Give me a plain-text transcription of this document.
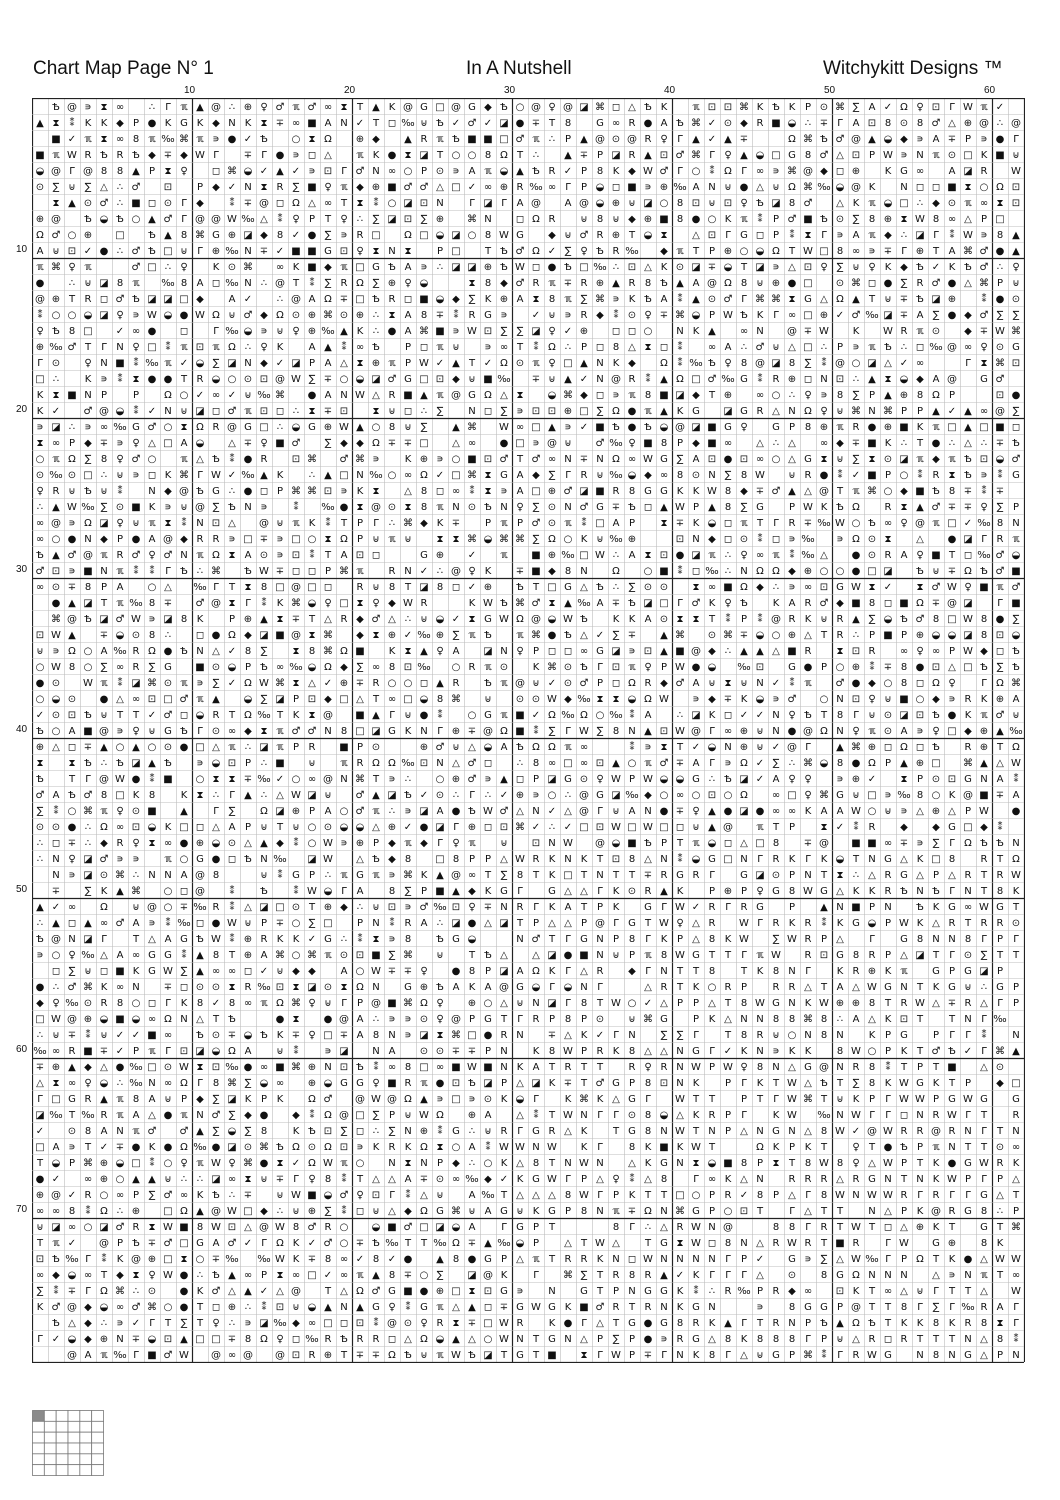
Chart Map Page N° 1	In A Nutshell	Witchykitt Designs ™
10	20	30	40	50	60
10
20
30
40
50
60
70
Ѣ @ ∍ ⧗ ∞ ∴ Γ ℼ ▲ @ ∴ ⊕ ♀ ♂ ℼ ♂ ∞ ⧗ T ▲ K @ G □ @ G ◆ Ѣ ○ @ ♀ @ ◪ ⌘ ◻ △ Ѣ K	ℼ ⊡ ⊡ ⌘ K Ѣ K P ⊙ ⌘ ∑ A ✓ Ω ♀ ⊡ Γ W ℼ ✓
▲ ⧗ ⁑ K K ◆ P ● K G K ◆ N K ⧗ ∓ ∞ ■ A N ✓ T ◻ ‰ ⊎ Ѣ ✓ ♂ ✓ ◪ ● ∓ T 8 G ∞ R ● A Ѣ ⌘ ✓ ⊙ ◆ R ■ ◒ ∴ ∓ Γ A ⊡ 8 ⊙ 8 ♂ △ ⊕ @ ∴ @
■ ✓ ℼ ⧗ ∞ 8 ℼ ‰ ⌘ ℼ ∍ ● ✓ Ѣ ○ ⧗ Ω ⊕ ◆ ▲ R ℼ Ѣ ■ ■ □ ♂ ℼ ∴ P ▲ @ ⊙ @ R ♀ Γ ▲ ✓ ▲ ∓	Ω ⌘ Ѣ ♂ @ ▲ ◒ ◆ ∍ A ∓ P ∍ ● Γ
■ ℼ W R Ѣ R Ѣ ◆ ∓ ◆ W Γ	∓ Γ ● ∍ ◻ △ ℼ K ● ⧗ ◪ T ○ ○ 8 Ω T ∴ ▲ ∓ P ◪ R ▲ ⊡ ♂ ⌘ Γ ♀ ▲ ◒ □ G 8 ♂ △ ⊡ P W ∍ N ℼ ⊙ □ K ■ ⊎
◒ @ Γ @ 8 8 ▲ P ⧗ ♀ ◻ ⌘ ◒ ✓ ▲ ✓ ∍ ⊡ Γ ♂ N ∞ ○ P ⊙ ∍ A ℼ ◒ ▲ Ѣ R ✓ P 8 K ◆ W ♂ Γ ○ ⁑ Ω Γ ∞ ∍ ⌘ @ ◆ ◻ ⊕ K G ∞ A ◪ R W
⊙ ∑ ⊎ ∑ △ ∴ ♂ ⊡ P ◆ ✓ N ⧗ R ∑ ■ ♀ ℼ ◆ ⊕ ■ ♂ ♂ △ □ ✓ ∞ ⊕ R ‰ ∞ Γ P ◒ ◻ ■ ∍ ⊕ ‰ A N ⊎ ● △ ⊎ Ω ⌘ ‰ ◒ @ K N ◻ ◻ ■ ⧗ ○ Ω ⊡
⧗ ▲ ⊙ ♂ ∴ ■ ◻ ⊙ Γ ◆	⁑ ∓ @ ◻ Ω △ ∞ T ⧗ ⁑ ○ ◪ ⊡ N	Γ ◪ Γ A @ A @ ◒ ⊕ ⊎ ◪ ○ 8 ⊡ ⊎ ⊡ ♀ Ѣ ◪ 8 ♂ △ K ℼ ◒ □ ∴ ◆ ⊙ ℼ ∞ ⧗ ⊡
⊕ @ Ѣ ◒ Ѣ ○ ▲ ♂ Γ @ @ W ‰ △ ⁑ ♀ P T ♀ ∴ ∑ ◪ ⊡ ∑ ⊕ ⌘ N ◻ Ω R ⊎ 8 ⊎ ◆ ⊕ ■ 8 ● ○ K ℼ ⁑ P ♂ ■ Ѣ ⊙ ∑ 8 ⊕ ⧗ W 8 ∞ △ P □
Ω ♂ ○ ⊕ □ Ѣ ▲ 8 ⌘ G ⊕ ◪ ◆ 8 ✓ ● ∑ ∍ R □ Ω □ ◒ ◪ ○ 8 W G ◆ ⊎ ♂ R ⊕ T ◒ ⧗ △ ⊡ Γ G ◻ P ⁑ ⧗ Γ ∍ A ℼ ◆ ∴ ◪ Γ ⁑ W ∍ 8 ▲
A ⊎ ⊡ ✓ ● ∴ ♂ Ѣ □ ⊎ Γ ⊕ ‰ N ∓ ✓ ■ ■ G ⊡ ♀ ⧗ N ⧗	P □ T Ѣ ♂ Ω ✓ ∑ ♀ Ѣ R ‰ ◆ ℼ T P ⊕ ○ ◒ Ω T W □ 8 ∞ ∍ ∓ Γ ⊕ T A ⌘ ♂ ● ▲
ℼ ⌘ ♀ ℼ	♂ □ ∴ ♀	K ⊙ ⌘ ∞ K ■ ◆ ℼ □ G Ѣ A ∍ ∴ ◪ ◪ ⊕ Ѣ W ◻ ● Ѣ □ ‰ ∴ ⊡ △ K ⊙ ◪ ∓ ◒ T ◪ ∍ △ ⊡ ♀ ∑ ⊎ ♀ K ◆ Ѣ ✓ K Ѣ ♂ ∴ ♀
● ∴ ⊎ ◪ 8 ℼ ‰ 8 A ◻ ‰ N ∴ @ T ⁑ ∑ R Ω ∑ ⊕ ♀ ◒	⧗ 8 ◆ ♂ R ℼ ∓ R ⊕ ▲ R 8 Ѣ ▲ A @ Ω 8 ⊎ ⊕ ● □ ⊙ ⌘ ◻ ● ∑ R ♂ ● △ ⌘ P ⊎
@ ⊕ T R ◻ ♂ Ѣ ◪ ◪ □ ◆ A ✓ ∴ @ A Ω ∓ □ Ѣ R ◻ ■ ◒ ◆ ∑ K ⊕ A ⧗ 8 ℼ ∑ ⌘ ∍ K Ѣ A ⁑ ▲ ⊙ ♂ Γ ⌘ ⌘ ⧗ G △ Ω ▲ T ⊎ ∓ Ѣ ◪ ⊕	⁑ ● ⊙
⁑ ○ ○ ◒ ◪ ♀ ∍ W ◒ ● W Ω ⊎ ♂ ◆ Ω ⊙ ⊕ ⌘ ⊙ ⊕ ∴ ⧗ A 8 ∓ ⁑ R G ∍ ✓ ⊎ ∍ R ◆ ⁑ ⊙ ♀ ∓ ⌘ ◒ P W Ѣ K Γ ∞ □ ⊕ ✓ ♂ ‰ ◪ ∓ A ∑ ● ◆ ♂ ∑ ∑
♀ Ѣ 8 □ ✓ ∞ ● ◻	Γ ‰ ◒ ∍ ⊎ ♀ ⊕ ‰ ▲ K ∴ ● A ⌘ ■ ∍ W ⊡ ∑ ∑ ◪ ♀ ✓ ⊕ ◻ ◻ ○ N K ▲ ∞ N @ ∓ W K W R ℼ ⊙ ◆ ∓ W ⌘
⊕ ‰ ♂ T Γ N ♀ □ ⁑ ℼ ⊡ ℼ Ω ∴ ♀ K	A ▲ ⁑ ∞ Ѣ	P ◻ ℼ ⊎ ∍ ∞ T ⁑ Ω ∴ P ◻ 8 △ ⧗ ◻ ⁑	∞ A ∴ ♂ ⊎ △ □ ∴ P ∍ ℼ Ѣ ∴ ◻ ‰ @ ∞ ♀ ⊙ G
Γ ⊙ ♀ N ■ ⁑ ‰ ℼ ✓ ◒ ∑ ◪ N ◆ ✓ ◪ P A △ ⧗ ⊕ ℼ P W ✓ ▲ T ✓ Ω ⊙ ℼ ♀ □ ▲ N K ◆ Ω ⁑ ‰ Ѣ ♀ 8 @ ◪ 8 ∑ ⁑ @ ○ ◪ △ ✓ ∞	Γ ⧗ ⌘ ⊡
□ ∴	K ∍ ⁑ ⧗ ● ● T R ◒ ○ ⊙ ⊡ @ W ∑ ∓ ○ ◒ ◪ ♂ G □ ⊡ ◆ ⊎ ■ ‰ ∓ ⊎ ▲ ✓ N @ R ⁑ ▲ Ω □ ♂ ‰ G ⁑ R ⊕ ◻ N ⊡ ∴ ▲ ⧗ ◒ ◆ A @ G ♂
K ⧗ ■ N P	P	Ω ○ ✓ ∞ ✓ ⊎ ‰ ⌘ ● A N W △ R ■ ▲ ℼ @ G Ω △ ⧗ ◒ ⌘ ◆ ◻ ∍ ℼ 8 ■ ◪ ◆ T ⊕ ∞ ○ ∴ ♀ ∍ 8 ∑ P ▲ ⊕ 8 Ω P	⊡ ●
K ✓ ♂ @ ◒ ⁑ ✓ N ⊎ ◪ ◻ ♂ ℼ ⊡ ◻ ∴ ⧗ ∓ ⊡ ⧗ ⊎ ◻ ∴ ∑ N ◻ ∑ ∍ ⊡ ⊡ ⊕ □ ∑ Ω ● ℼ ▲ K G ◪ G R △ N Ω ♀ ⊎ ⌘ N ⌘ P P ▲ ✓ ▲ ∞ @ ∑
∍ ◪ ∴ ∍ ∞ ‰ G ♂ ○ ⧗ Ω R @ G □ ∴ ◒ G ⊕ W ▲ ○ 8 ⊎ ∑ ▲ ⌘ W ∞ □ ▲ ∍ ✓ ■ Ѣ ● Ѣ ◒ @ ◪ ■ G ♀ G P 8 ⊕ ℼ R ● ⊕ ■ K ℼ □ ▲ □ ■ ◻
⧗ ∞ P ◆ ∓ ∍ ♀ △ □ A ◒ △ ∓ ♀ ■ ♂ ∑ ◆ ◆ Ω ∓ ∓ □ △ ∞ ● □ ∍ @ ⊎ ♂ ‰ ♀ ■ 8 P ◆ ■ ∞ △ ∴ △ ∞ ◆ ∓ ■ K ∴ T ● ∴ △ ∴ ∓ Ѣ
○ ℼ Ω ∑ 8 ♀ ♂ ○ ℼ △ Ѣ ⁑ ● R ⊡ ⌘ ♂ ⌘ ∍	K ⊕ ∍ ○ ■ ⊡ ♂ T ♂ ∞ N ∓ N Ω ∞ W G ∑ A ⊡ ● ⊡ ∞ ○ △ G ⧗ ⊎ ∑ ⧗ ⊙ ◪ ℼ ◆ ℼ Ѣ ⊡ ◒ ♂
⊙ ‰ ⊙ □ ∴ ⊎ ∍ ◻ K ⌘ Γ W ✓ ‰ ▲ K	∴ ▲ □ N ‰ ○ ∞ Ω ✓ □ ⌘ ⧗ G A ◆ ∑ Γ R ⊎ ‰ ◒ ◆ ∞ 8 ⊙ N ∑ 8 W ⊎ R ● ⁑ ✓ ■ P ○ ⁑ R ⧗ Ѣ ∍ ⁑ G
♀ R ⊎ Ѣ ⊎ ⁑	N ◆ @ Ѣ G ∴ ● ◻ P ⌘ ⌘ ⊡ ∍ K ⧗ △ 8 ◻ ∞ ⁑ ⧗ ∍ A □ ⊕ ♂ ◪ ■ R 8 G G K K W 8 ◆ ∓ ♂ ▲ △ @ T ℼ ⌘ ○ ◆ ■ Ѣ 8 ∓ ⁑ ∓
∴ ▲ W ‰ ∑ ⊙ ■ K ∍ ⊎ @ ∑ Ѣ N ∍	⁑ ‰ ● ⧗ @ ⊙ ⧗ 8 ℼ N ⊙ Ѣ N ♀ ∑ ⊙ N ♂ G ∓ Ѣ ◻ ▲ W P ▲ 8 ∑ G	P W K Ѣ Ω R ⧗ ▲ ♂ ∓ ∓ ♀ ∑ P
∞ @ ∍ Ω ◪ ♀ ⊎ ℼ ⧗ ⁑ N ⊡ △ @ ⊎ ℼ K ⁑ T P Γ ∴ ⌘ ◆ K ∓ P ℼ P ♂ ⊙ ℼ ⁑ □ A P	⧗ ∓ K ◒ ◻ ℼ T Γ R ∓ ‰ W ○ Ѣ ∞ ♀ @ ℼ □ ✓ ‰ 8 N
∞ ○ ● N ◆ P ● A @ ◆ R R ∍ □ ∓ ∍ □ ○ ⧗ Ω P ⊎ ℼ ⊎ ⧗ ⧗ ⌘ ◒ ⌘ ⌘ ∑ Ω ○ K ⊎ ‰ ⊕	⊡ N ◆ ◻ ⊙ ⁑ ◻ ∍ ‰ ∍ Ω ⊙ ⧗ △ ● ◪ Γ R ℼ
Ѣ ▲ ♂ @ ℼ R ♂ ♀ ♂ N ℼ Ω ⧗ A ⊙ ∍ ⊡ ⁑ T A ⊡ ◻	G ⊕ ✓ ℼ ■ ⊕ ‰ □ W ∴ A ⧗ ⊡ ● ◪ ℼ ∴ ♀ ∞ ℼ ⁑ ‰ △ ● ⊙ R A ♀ ■ T ◻ ‰ ♂ ◒
♂ ⊡ ∍ ■ N ℼ ⁑ ⁑ Γ Ѣ ∴ ⌘ Ѣ W ∓ ◻ ◻ P ⌘ ℼ	R N ✓ ∴ @ ♀ K ∓ ■ ◆ 8 N Ω ○ ■ ⁑ ◻ ‰ ∴ N Ω Ω ◆ ⊕ ○ ○ ● □ ◪ Ѣ ⊎ ∓ Ω Ѣ ♂ ■
∞ ⊙ ∓ 8 P A ○ △ ‰ Γ T ⧗ 8 □ @ □ ◻ R ⊎ 8 T ◪ 8 ◻ ✓ ⊕ Ѣ T □ G △ Ѣ ∴ ∑ ⊙ ⊙ ⧗ ∞ ■ Ω ◆ ∴ ∍ ∞ ⊡ G W ⧗ ✓ ⧗ ♂ W ♀ ■ ℼ ♂
● ▲ ◪ T ℼ ‰ 8 ∓ ♂ @ ⧗ Γ ⁑ K ⌘ ◒ ♀ □ ⧗ ♀ ◆ W R	K W Ѣ ⌘ ♂ ⧗ ▲ ‰ A ∓ Ѣ ◪ □ Γ ♂ K ♀ Ѣ K A R ♂ ◆ ■ 8 ◻ ■ Ω ∓ @ ◪ Γ ■
⌘ @ Ѣ ◪ ♂ W ∍ ◪ 8 K	P ⊕ ▲ ⧗ ∓ T △ R ◆ ♂ △ ∴ ⊎ ◒ ✓ ⧗ G W Ω @ ◒ W Ѣ K K A ⊙ ⧗ ⧗ T ⁑ P ⁑ @ R K ⊎ R ▲ ∑ ◒ Ѣ ♂ 8 □ W 8 ● ∑
⊡ W ▲ ∓ ◒ ⊙ 8 ∴ ◻ ● Ω ◆ ◪ ■ @ ⧗ ⌘ ◆ ⧗ ⊕ ✓ ‰ ⊕ ∑ ℼ Ѣ ℼ ⌘ ● Ѣ △ ✓ ∑ ∓ ▲ ⌘ ⊙ ⌘ ∓ ◒ ○ ⊕ △ T R ∴ P ■ P ⊕ ◒ ◒ ◪ 8 ⊡ ◒
⊎ ∍ Ω ○ A ‰ R Ω ● Ѣ N △ ✓ 8 ∑	⧗ 8 ⌘ Ω ■ K ⧗ ▲ ♀ A ◪ N ♀ P ◻ ◻ ∞ G ◪ ∍ ⊡ ▲ ■ @ ◆ ∴ ▲ ▲ △ ■ R	⧗ ⊡ R ∞ ♀ ∞ P W ◆ ◻ Ѣ
○ W 8 ○ ∑ ∞ R ∑ G ■ ⊙ ◒ P Ѣ ∞ ‰ ◒ Ω ◆ ∑ ∞ 8 ⊡ ‰ ○ R ℼ ⊙ K ⌘ ⊙ Ѣ Γ ⊡ ℼ ♀ P W ● ◒ ‰ ⊡ G ● P ○ ⊕ ⁑ ∓ 8 ● ⊡ △ □ Ѣ ∑ Ѣ
● ⊙ W ℼ ⁑ ◪ ⌘ ⊙ ℼ ∍ ∑ ✓ Ω W ⌘ ⧗ △ ✓ ⊕ ∓ R ○ ○ ◻ ▲ R Ѣ ℼ @ ⊎ ✓ ⊙ ♂ P ◻ Ω R ◆ ♂ A ⊎ ⧗ ⊎ N ✓ ⁑ ℼ ♂ ● ◆ ○ 8 ◻ Ω ♀	Γ Ω ⌘
○ ◒ ⊙ ● △ ∞ ⊡ □ ♂ ℼ ▲ ◒ ∑ ◪ P ⊡ ◆ □ △ T ∞ □ ◒ 8 ⌘ ⊎ ⊙ ⊙ W ◆ ‰ ⧗ ⧗ ◒ Ω W ∍ ◆ ∓ K ◒ ∍ ♂ ○ N ⊡ ♀ ⊎ ■ ○ ◆ ∍ R K ⊕ A
✓ ⊙ ⊡ Ѣ ⊎ T T ✓ ♂ ◻ ◒ R T Ω ‰ T K ⧗ @ ■ ▲ Γ ⊎ ● ⁑	○ G ℼ ■ ✓ Ω ‰ Ω ○ ‰ ⁑ A	∴ ◪ K ◻ ✓ ✓ N ♀ Ѣ T 8 Γ ⊎ ⊙ ◪ ⊡ Ѣ ● K ℼ ♂ ⊎
Ѣ ○ A ■ @ ∍ ♀ ⊎ G Ѣ Γ ⊙ ∞ ◆ ⧗ ℼ ♂ ♂ N 8 □ ◪ G K N Γ ⊕ ∓ @ Ω ■ ⁑ ∑ Γ W ∑ 8 N ▲ ⊡ W @ Γ ∞ ⊕ ⊎ N ● @ Ω N ♀ ℼ ⊙ A ∍ ♀ □ ◆ ⊕ ▲ ‰
⊕ △ ◻ ∓ ▲ ○ ▲ ○ ⊙ ● □ △ ℼ ∴ ◪ ℼ P R ■ P ⊙	⊕ ♂ ⊎ △ ◒ A Ѣ Ω Ω ℼ ∞	⁑ ∍ ⧗ T ✓ ◒ N ⊕ ⊎ ✓ @ Γ	▲ ⌘ ⊕ ◻ Ω ◻ Ѣ R ⊕ T Ω
⧗ ⧗ Ѣ ∴ Ѣ ◪ ▲ Ѣ ∍ ◒ ⊡ P ∴ ■ ⊎ ℼ R Ω Ω ‰ ⊡ N △ ♂ ◻ ∴ 8 ∞ □ ∞ ⊡ ▲ ○ ℼ ♂ ∓ A Γ ∍ Ω ✓ ∑ ∴ ⌘ ◒ 8 ● Ω P ▲ ⊕ □ ⌘ ▲ △ W
Ѣ	T Γ @ W ● ⁑ ■ ○ ⧗ ⧗ ∓ ‰ ✓ ○ ∞ @ N ⌘ T ∍ ∴ ○ ⊕ ♂ ∍ ▲ ◻ P ◪ G ⊙ ♀ W P W ◒ ◒ G ∴ Ѣ ◪ ✓ A ♀ ♀ ∍ ⊕ ✓ ⧗ P ⊙ ⊡ G N A ⁑
♂ A Ѣ ♂ 8 □ K 8	K ⧗ ∴ Γ ▲ ∴ △ W ◪ ⊎ ♂ ▲ ◪ Ѣ ✓ ⊙ ∴ Γ ∴ ✓ ⊕ ∍ ○ ∴ @ G ◪ ‰ ◆ ○ ∞ ○ ⊡ ○ Ω ∞ □ ♀ ⌘ G ⊎ □ ∍ ‰ 8 ○ K @ ■ ∓ A
∑ ⁑ ○ ⌘ ℼ ♀ ⊙ ■ ▲	Γ ∑ Ω ◪ ⊕ P A ○ ♂ ℼ ∴ ∍ ◪ A ● Ѣ W ♂ △ N ✓ △ @ Γ ⊎ A N ● ∓ ♀ ▲ ● ◪ ● ∞ ∞ K A A W ○ ⊎ ∍ △ ⊕ △ P W ●
⊙ ⊙ ● ∴ Ω ∞ ⊡ ◒ K □ ◻ △ A P ⊎ T ⊎ ○ ⊙ ◒ ◒ △ ⊕ ✓ ● ◪ Γ ⊕ ◻ ⊡ ⌘ ✓ ∴ ✓ □ ⊡ W □ W □ ◻ ⊎ ▲ @ ℼ T P	⧗ ✓ ⁑ R ◆ ◆ G □ ◆ ⁑
∴ ◻ ∓ ∴ ◆ R ♀ ⧗ ∞ ● ⊕ ◒ ⊙ △ ▲ ◆ ⁑ ○ W ∍ ⊕ P ◆ ℼ ◆ Γ ♀ ℼ ⊎ ⊡ N W @ ◒ ■ Ѣ P T ℼ ◒ ◻ △ □ 8 ∓ @ ■ ■ ∞ ∓ ∍ ∑ Γ Ω Ѣ Ѣ N
∴ N ♀ ◪ ♂ ∍ ∍ ℼ ○ G ● ◻ Ѣ N ‰ ◪ W △ Ѣ ◆ 8 □ 8 P P △ W R K N K T ⊡ 8 △ N ⁑ ◒ G □ N Γ R K Γ K ◒ T N G △ K □ 8	R T Ω
N ∍ ◪ ⊙ ⌘ ∴ N N A @ 8	⊎ ⁑ G P ∴ ℼ G ℼ ∍ ⌘ K ▲ @ ∞ T ∑ 8 T K □ T N T T ∓ R G R Γ	G ◪ ⊙ P N T ⧗ ∴ △ R G △ P △ R T R W
∓ ∑ K ▲ ⌘ ○ ◻ @ ⁑	Ѣ	⁑ W ◒ Γ A	8 ∑ P ■ ▲ ◆ K G Γ	G △ △ Γ K ⊙ R ▲ K	P ⊕ P ♀ G 8 W G △ K K R Ѣ N Ѣ Γ N T 8 K
▲ ✓ ∞ Ω ⊎ @ ○ ∓ ‰ R ⁑ △ ◪ □ ⊙ T ⊕ ◆ ∴ ⊎ ⊡ ∍ ♂ ‰ ⊡ ♀ ∓ N R Γ K A T P K G Γ W ✓ R Γ R G	P	▲ N ■ P N Ѣ K G ∞ W G T
∴ ▲ ◻ ▲ ∞ ♂ A ∍ ⁑ ‰ ◻ ● W ⊎ P ∓ ○ ∑ □ P N ⁑ R A ∴ ◪ ● △ ◪ T P △ △ P @ Γ G T W ♀ △ R W Γ R K R ⁑ K G ◒ P W K △ R T R R ⊙
Ѣ @ N ◪ Γ	T △ A G Ѣ W ⁑ ⊕ R K K ✓ G ∴ ⁑ ⧗ ∍ 8 Ѣ G ◒	N ♂ T Γ G N P 8 Γ K P △ 8 K W ∑ W R P △	Γ	G 8 N N 8 Γ P Γ
∍ ○ ♀ ‰ △ A ∞ G G ⁑ ▲ 8 T ⊕ A ⌘ ○ ⌘ ℼ ⊙ ⊡ ■ ∑ ⌘ ⊎	T Ѣ △ △ ◪ ● ■ N ⊎ P ℼ 8 W G T T Γ ℼ W R ⊡ G 8 R P △ ◪ T Γ ⊙ ∑ T T
◻ ∑ ⊎ ◻ ■ K G W ∑ ▲ ∞ ∞ ◻ ✓ ⊎ ◆ ◆ A ○ W ∓ ∓ ♀ ● 8 P ◪ A Ω K Γ △ R ◆ Γ N T T 8	T K 8 N Γ	K R ⊕ K ℼ G P G ◪ P
● ∴ ♂ ⌘ K ∞ N ∓ ◻ ⊙ ⊙ ⧗ R ‰ ⊡ ⧗ ◪ ⊙ ⧗ Ω N G ⊕ Ѣ A K A @ G ◒ Γ ◒ N Γ	△ R T K ○ R P	R R △ T A △ W G N T K G ⊎ ∴ G P
◆ ♀ ‰ ⊙ R 8 ○ ◻ Γ K 8 ✓ 8 ∞ ℼ Ω ⌘ ♀ ⊎ Γ P @ ■ ⌘ Ω ♀ ⊕ ○ △ ⊎ N ◪ Γ 8 T W ○ ✓ △ P P △ T 8 W G N K W ⊕ ⊕ 8 T R W △ ∓ R △ Γ P
□ W @ ⊕ ◒ ■ ◒ ∞ Ω N △ T Ѣ	● ⧗ ● @ A ∴ ∍ ∍ ⊙ ♀ @ P G T Γ R P 8 P ⊙ ⊎ ⌘ G	P K △ N N 8 8 ⌘ 8 ∴ A △ K ⊡ T	T N Γ ‰
∴ ⊎ ∓ ⁑ ⊎ ✓ ✓ ■ ∞ Ѣ ⊙ ∓ ◒ Ѣ K ∓ ♀ □ ∓ A 8 N ∍ ◪ ⧗ ⌘ □ ● R N ∓ △ K ✓ Γ N ∑ ∑ Γ	T 8 R ⊎ ○ N 8 N K P G	P Γ Γ ⁑	N
‰ ∞ R ■ ∓ ✓ P ℼ Γ ⊡ ◪ ◒ Ω A ⊎ ⁑	∍ ◪ N A ⊙ ⊙ ∓ ∓ P N K 8 W P R K 8 △ △ N G Γ ✓ K N ∍ K K	8 W ○ P K T ♂ Ѣ ✓ Γ ⌘ ▲
∓ ⊕ ▲ ◆ △ ● ‰ □ ⊙ W ⧗ ⊡ ‰ ● ∞ ■ ⌘ ⊕ N ⊡ Ѣ ⁑ ∞ 8 □ ∞ ■ W ■ N K A T R T T	R ♀ R N W P W ♀ 8 N △ G @ N R 8 ⁑ T P T ■ △ ⊙
△ ⧗ ∞ ♀ ◒ ∴ ‰ N ∞ Ω Γ 8 ⌘ ∑ ◒ ∞ ⊕ ◒ G G ♀ ■ R ℼ ● ⊡ Ѣ ◪ P △ ◪ K ∓ T ♂ G P 8 ⊡ N K	P Γ K T W △ Ѣ T ∑ 8 K W G K T P	◆ □
Γ □ G R ▲ ℼ 8 A ⊎ P ◆ ∑ ◪ K P K Ω ♂ @ W @ Ω ▲ ∍ □ ∍ ⊙ K ◒ Γ	K ⌘ K △ G Γ W T T	P T Γ W ⌘ T ⊎ K P Γ W W P G W G G
◪ ‰ T ‰ R ℼ A △ ● ℼ N ♂ ∑ ◆ ● ◆ ⁑ Ω @ □ ∑ P ⊎ W Ω ⊕ A △ ⁑ T W N Γ Γ ⊙ 8 ◒ △ K R P Γ	K W ‰ N W Γ Γ ◻ N R W Γ T	R
✓ ⊙ 8 A N ℼ ♂ ♂ ▲ ∑ ◒ ∑ 8	K Ѣ ⊡ ∑ ◻ ∴ ∑ N ⊕ ⁑ G ∴ ⊎ R Γ G R △ K	T G 8 N W T N P △ N G N △ 8 W ✓ @ W R R @ R N Γ T N
□ A ∍ T ✓ ∓ ● K ● Ω ‰ ● ◪ ⊙ ⌘ Ѣ Ω ⊙ Ω ⊡ ∍ K R K Ω ⧗ ○ A ⁑ W W N W K Γ	8 K ■ K W T	Ω K P K T	♀ T ● Ѣ P ℼ N T T ⊙ ∞
T ◒ P ⌘ ⊕ ◒ □ ⁑ ○ ♀ ℼ W ♀ ⌘ ● ⧗ ✓ Ω W ℼ ○ N ⧗ N P ◆ ∴ ○ K △ 8 T N W N △ K G N ⧗ ◒ ■ 8 P ⧗ T 8 W 8 ♀ △ W P T K ● G W R K
● ✓ ∞ ⊕ ○ ▲ ▲ ⊎ ∴ ∴ ◪ ∞ ⧗ ⊎ ∓ Γ ♀ 8 ⁑ T △ △ A ∓ ⊙ ∞ ‰ ◆ ✓ K G W Γ P △ ♀ ⁑ △ 8	Γ ∞ K △ N R R R △ R G N T N K W P Γ P △
⊕ @ ✓ R ○ ∞ P ∑ ♂ ∞ K Ѣ ∴ ∓ ⊎ W ■ ◒ ♂ ♀ ⊡ Γ ⁑ △ ⊎ A ‰ T △ △ △ 8 W Γ P K T T □ ○ P R ✓ 8 P △ Γ 8 W N W W R Γ R Γ Γ G △ T
∞ ∞ 8 ⁑ Ω ∴ ⊕ □ Ω ▲ @ W □ ◆ ∴ ⊎ ⊕ ∑ ⁑ ◻ ⊎ △ ◆ Ω G ⌘ ⊎ A G ⊎ K G P 8 N ℼ ∓ Ω N ⌘ G P ○ ⊡ T	Γ △ T T	N △ P K @ R G 8 ∴ P
⊎ ◪ ∞ ○ ◪ ♂ R ⧗ W ■ 8 W ⊡ △ @ W 8 ♂ R ○ ◒ ■ ♂ □ ◪ ◒ A	Γ G P T	8 Γ ∴ △ R W N @	8 8 Γ R T W T ◻ △ ⊕ K T	G T ⌘
T ℼ ✓ @ P Ѣ ∓ ♂ □ G A ♂ ✓ Γ Ω K ✓ ♂ ○ ∓ Ѣ ‰ T T ‰ Ω ∓ ▲ ‰ ◒ P	△ T W △	T G ⧗ W ◻ 8 N △ R W R T ■ R	Γ W G ⊕ 8 K
⊡ Ѣ ‰ Γ ⁑ K @ ⊕ □ ⧗ ○ ∓ ‰ ‰ W K ∓ 8 ∞ ✓ 8 ✓ ● ▲ 8 ● G P △ ℼ T R R K N ◻ W N N N N Γ P ✓ G ∍ ∑ △ W ‰ Γ P Ω T K ● △ W W
∞ ◆ ◒ ∞ T ◆ ⧗ ♀ W ● ∴ Ѣ ▲ ∞ P ⧗ ∞ □ ✓ ∞ ℼ ▲ 8 ∓ ○ ∑ ◪ @ K	Γ ⌘ ∑ T R 8 R ▲ ✓ K Γ Γ Γ △ ⊙ 8 G Ω N N N △ ∍ N ℼ T ∞
∑ ⁑ ∓ Γ Ω ⌘ ∴ ⊙ ● K ♂ △ ▲ ✓ △ @ T △ Ω ♂ G ■ ● ⊕ □ ⧗ ⊡ G ∍ N G T P N G G K ⁑ ∴ R ‰ P R ◆ ∞ ⊡ K T ∞ △ ⊎ Γ T T △ W
K ♂ @ ◆ ◒ ∞ ♂ ⌘ ○ ● T ◻ ⊕ ∴ ⁑ ⊡ ⊎ ◒ ▲ N ▲ G ♀ ⁑ G ℼ △ ▲ ◻ ∓ G W G K ■ ♂ R T R N K G N	∍	8 G G P @ T T 8 Γ ∑ Γ ‰ R A Γ
Ѣ △ ◆ ∴ ∍ ✓ Γ T ∑ T ♀ ∴ ∍ ◪ ‰ ◆ ∞ □ ◻ ⊡ ⁑ @ ⊙ ♀ R ⧗ ∓ □ W R	K ● Γ △ T G ● G 8 R K ▲ Γ T R N P Ѣ ▲ Ω Ѣ T K K 8 K R 8 ⧗ Γ
Γ ✓ ◒ ◆ ⊕ N ∓ ◒ ⊡ ▲ □ □ ∓ 8 Ω ♀ ◻ ‰ R Ѣ R R ◻ △ Ω ◒ ▲ △ ○ W N T G N △ P ∑ P ● ∍ R G △ 8 K 8 8 8 Γ P ⊎ △ R ◻ R T T T N △ 8 ⁑
@ A ℼ ‰ Γ ■ ♂ W @ ∞ @ @ ⊡ R ⊕ T ∓ ∓ Ω Ѣ ⊎ ℼ W Ѣ ◪ T G T ■ ⧗ Γ W P ∓ Γ N K 8 Γ △ ⊎ G P ⌘ ⁑ Γ R W G N 8 N G △ P N
